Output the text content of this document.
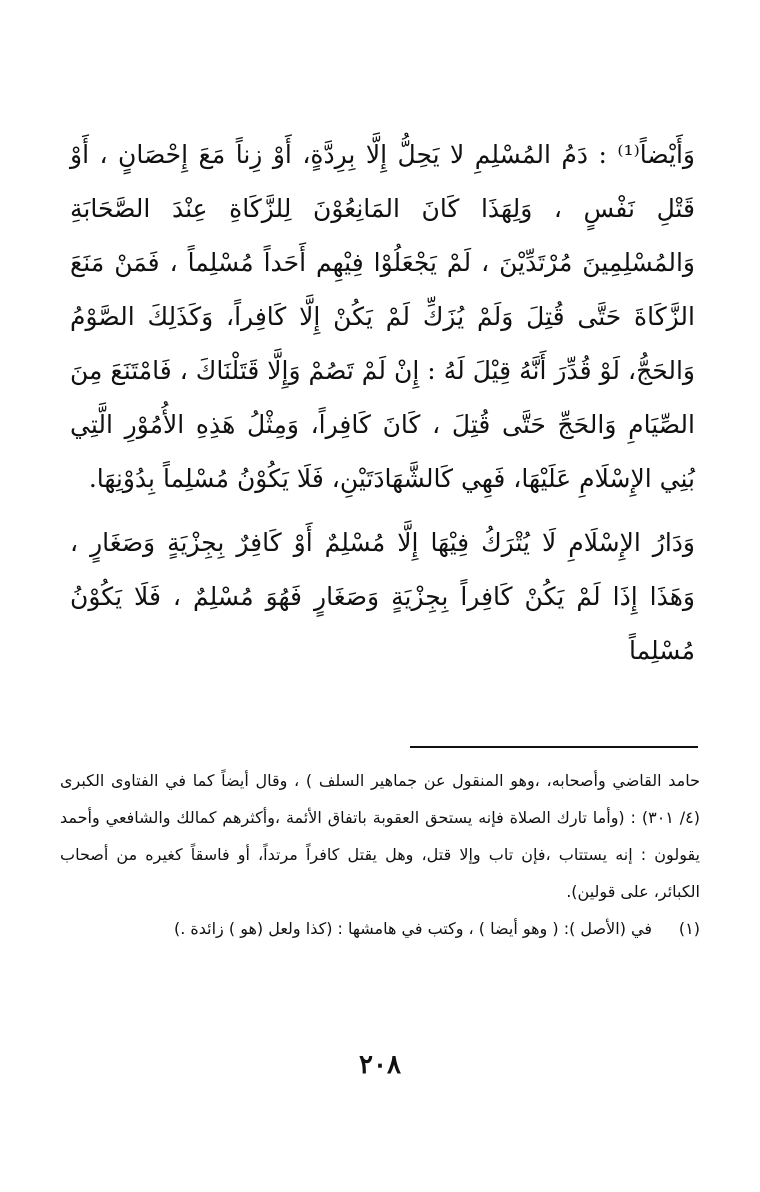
وَأَيْضاً⁽¹⁾ : دَمُ المُسْلِمِ لا يَحِلُّ إِلَّا بِرِدَّةٍ، أَوْ زِناً مَعَ إِحْصَانٍ ، أَوْ قَتْلِ نَفْسٍ ، وَلِهَذَا كَانَ المَانِعُوْنَ لِلزَّكَاةِ عِنْدَ الصَّحَابَةِ وَالمُسْلِمِينَ مُرْتَدِّيْنَ ، لَمْ يَجْعَلُوْا فِيْهِم أَحَداً مُسْلِماً ، فَمَنْ مَنَعَ الزَّكَاةَ حَتَّى قُتِلَ وَلَمْ يُزَكِّ لَمْ يَكُنْ إِلَّا كَافِراً، وَكَذَلِكَ الصَّوْمُ وَالحَجُّ، لَوْ قُدِّرَ أَنَّهُ قِيْلَ لَهُ : إِنْ لَمْ تَصُمْ وَإِلَّا قَتَلْنَاكَ ، فَامْتَنَعَ مِنَ الصِّيَامِ وَالحَجِّ حَتَّى قُتِلَ ، كَانَ كَافِراً، وَمِثْلُ هَذِهِ الأُمُوْرِ الَّتِي بُنِي الإِسْلَامِ عَلَيْهَا، فَهِي كَالشَّهَادَتَيْنِ، فَلَا يَكُوْنُ مُسْلِماً بِدُوْنِهَا.

وَدَارُ الإِسْلَامِ لَا يُتْرَكُ فِيْهَا إِلَّا مُسْلِمٌ أَوْ كَافِرٌ بِجِزْيَةٍ وَصَغَارٍ ، وَهَذَا إِذَا لَمْ يَكُنْ كَافِراً بِجِزْيَةٍ وَصَغَارٍ فَهُوَ مُسْلِمٌ ، فَلَا يَكُوْنُ مُسْلِماً

حامد القاضي وأصحابه، ،وهو المنقول عن جماهير السلف ) ، وقال أيضاً كما في الفتاوى الكبرى (٤/ ٣٠١) : (وأما تارك الصلاة فإنه يستحق العقوبة باتفاق الأئمة ،وأكثرهم كمالك والشافعي وأحمد يقولون : إنه يستتاب ،فإن تاب وإلا قتل، وهل يقتل كافراً مرتداً، أو فاسقاً كغيره من أصحاب الكبائر، على قولين).

(١)في (الأصل ): ( وهو أيضا ) ، وكتب في هامشها : (كذا ولعل (هو ) زائدة .)

٢٠٨
